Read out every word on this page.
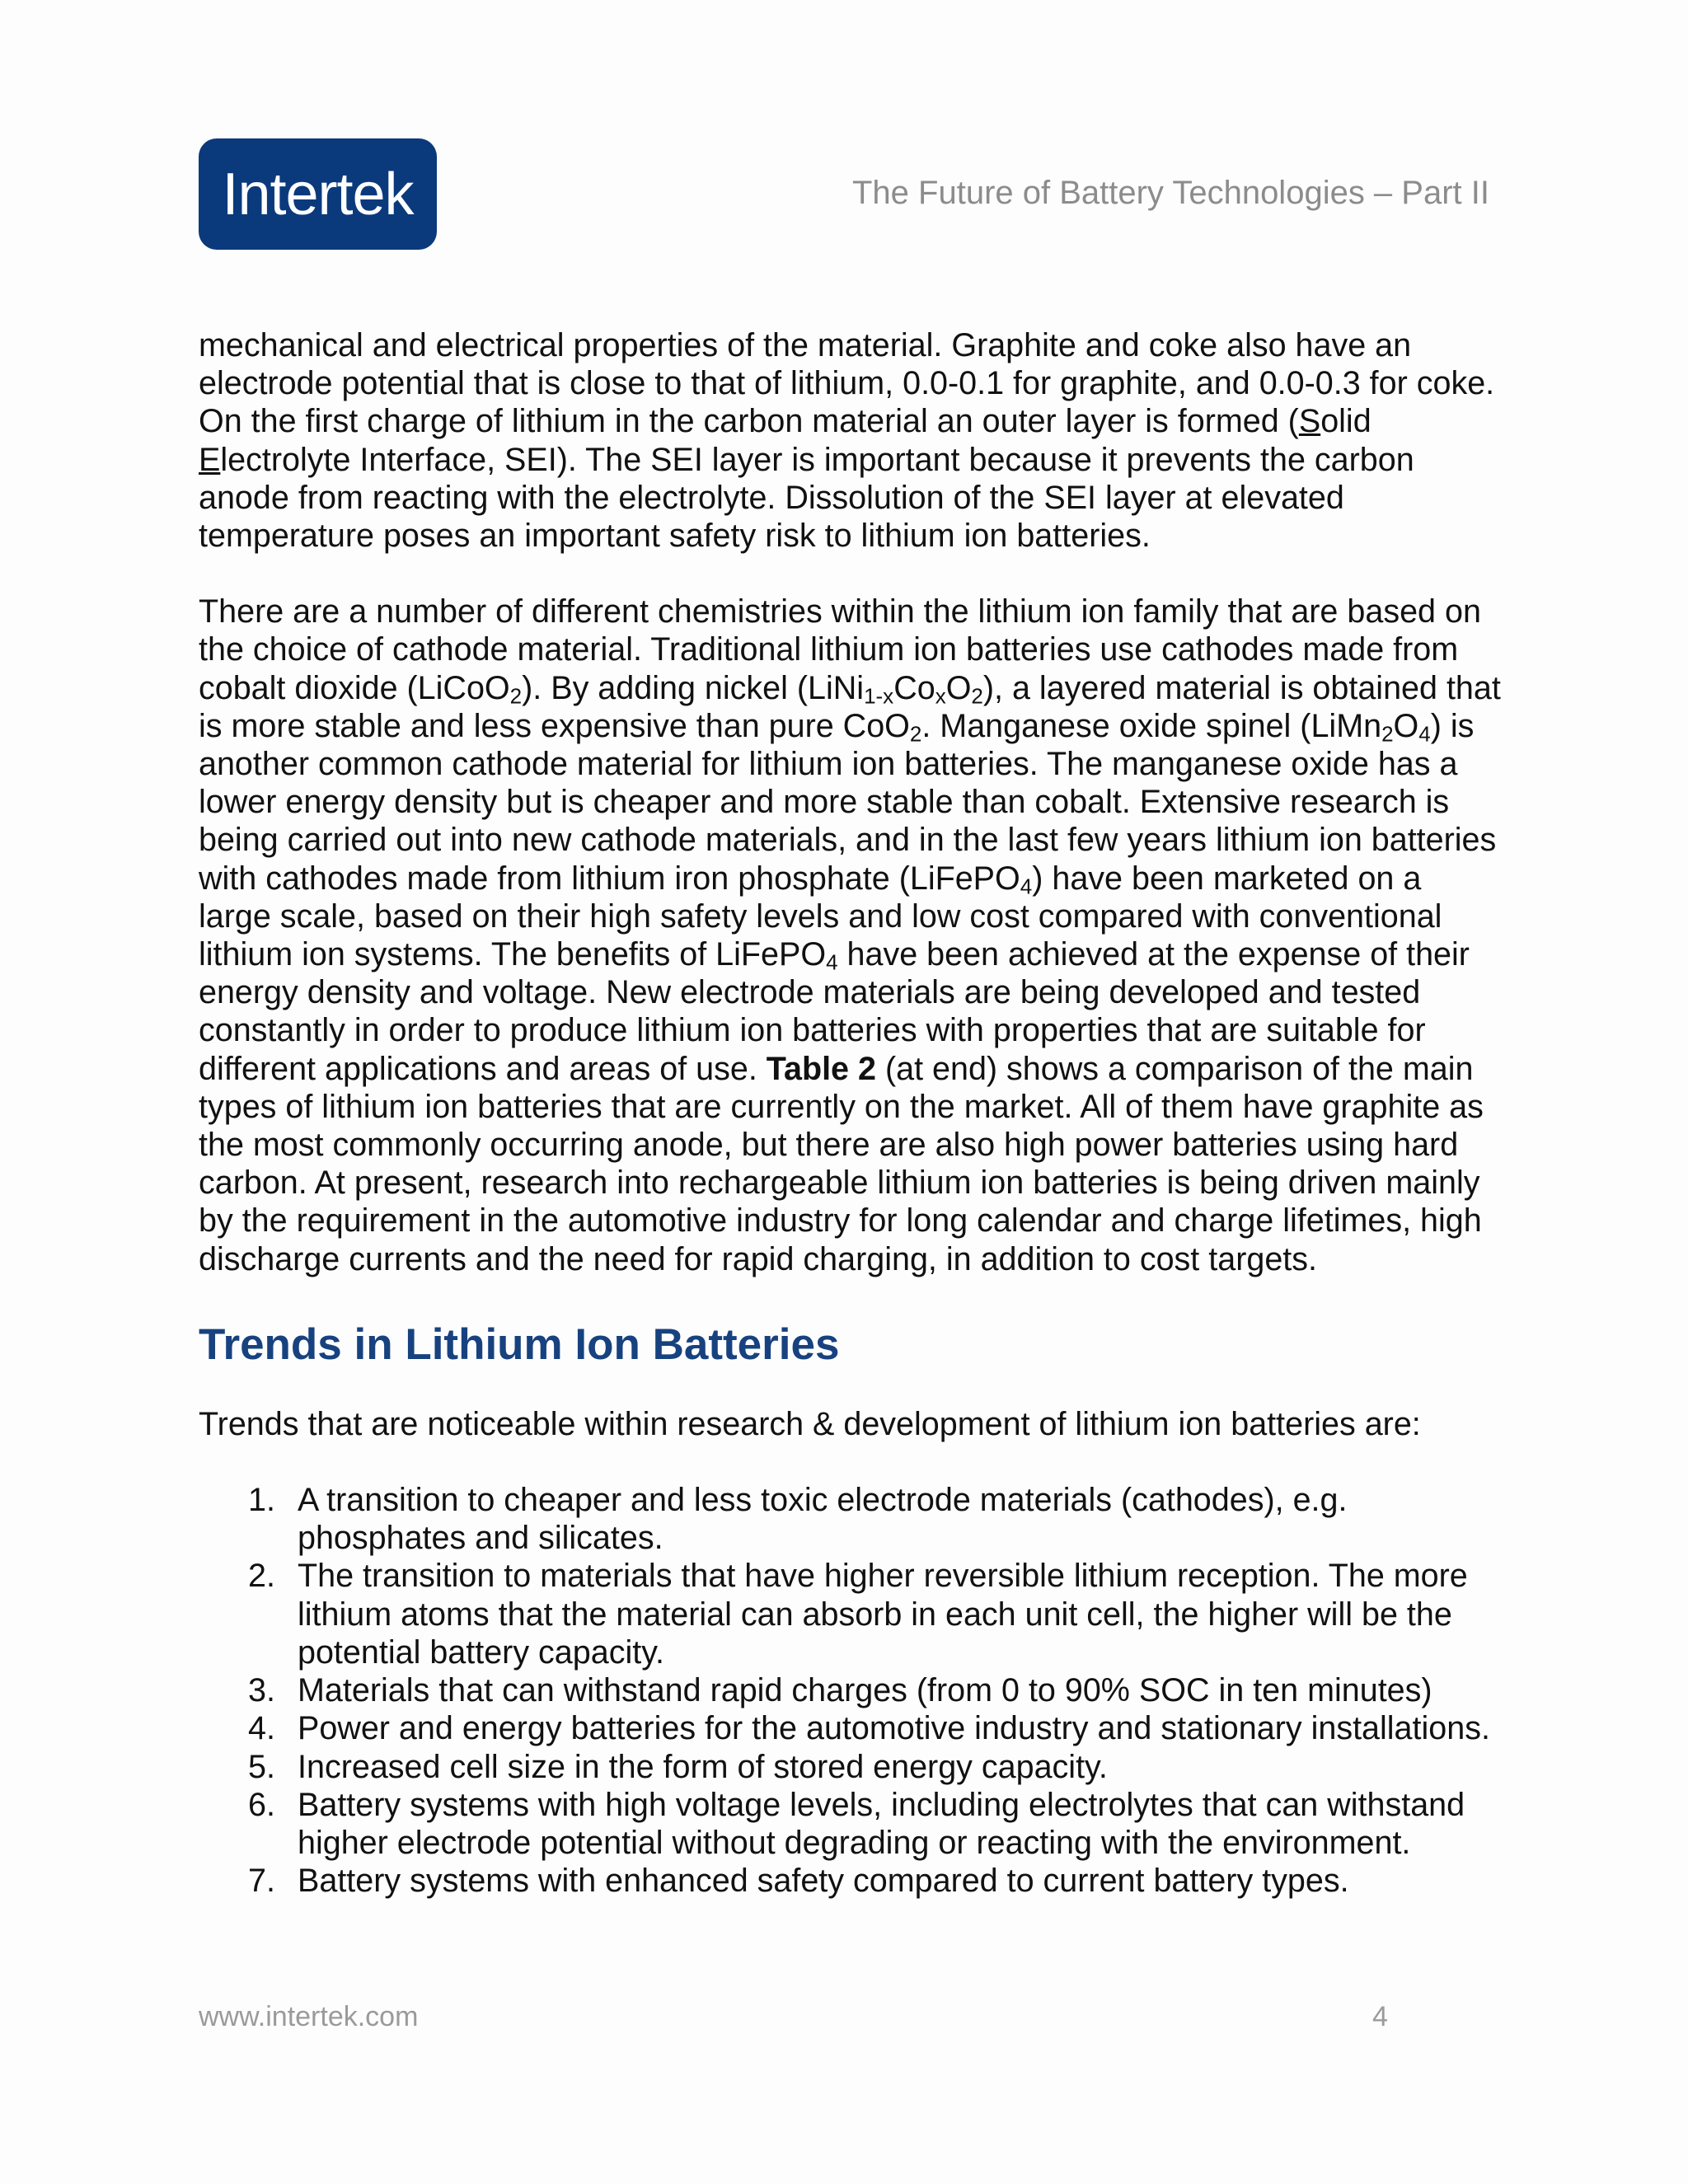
Intertek	The Future of Battery Technologies – Part II

mechanical and electrical properties of the material. Graphite and coke also have an electrode potential that is close to that of lithium, 0.0-0.1 for graphite, and 0.0-0.3 for coke. On the first charge of lithium in the carbon material an outer layer is formed (Solid Electrolyte Interface, SEI). The SEI layer is important because it prevents the carbon anode from reacting with the electrolyte. Dissolution of the SEI layer at elevated temperature poses an important safety risk to lithium ion batteries.

There are a number of different chemistries within the lithium ion family that are based on the choice of cathode material. Traditional lithium ion batteries use cathodes made from cobalt dioxide (LiCoO$_2$). By adding nickel $(LiNi_{1-x}Co_xO_2)$, a layered material is obtained that is more stable and less expensive than pure CoO$_2$. Manganese oxide spinel $(LiMn_2O_4)$ is another common cathode material for lithium ion batteries. The manganese oxide has a lower energy density but is cheaper and more stable than cobalt. Extensive research is being carried out into new cathode materials, and in the last few years lithium ion batteries with cathodes made from lithium iron phosphate (LiFePO$_4$) have been marketed on a large scale, based on their high safety levels and low cost compared with conventional lithium ion systems. The benefits of LiFePO$_4$ have been achieved at the expense of their energy density and voltage. New electrode materials are being developed and tested constantly in order to produce lithium ion batteries with properties that are suitable for different applications and areas of use. Table 2 (at end) shows a comparison of the main types of lithium ion batteries that are currently on the market. All of them have graphite as the most commonly occurring anode, but there are also high power batteries using hard carbon. At present, research into rechargeable lithium ion batteries is being driven mainly by the requirement in the automotive industry for long calendar and charge lifetimes, high discharge currents and the need for rapid charging, in addition to cost targets.

Trends in Lithium Ion Batteries

Trends that are noticeable within research & development of lithium ion batteries are:

1. A transition to cheaper and less toxic electrode materials (cathodes), e.g. phosphates and silicates.
2. The transition to materials that have higher reversible lithium reception. The more lithium atoms that the material can absorb in each unit cell, the higher will be the potential battery capacity.
3. Materials that can withstand rapid charges (from 0 to 90% SOC in ten minutes)
4. Power and energy batteries for the automotive industry and stationary installations.
5. Increased cell size in the form of stored energy capacity.
6. Battery systems with high voltage levels, including electrolytes that can withstand higher electrode potential without degrading or reacting with the environment.
7. Battery systems with enhanced safety compared to current battery types.
www.intertek.com	4
